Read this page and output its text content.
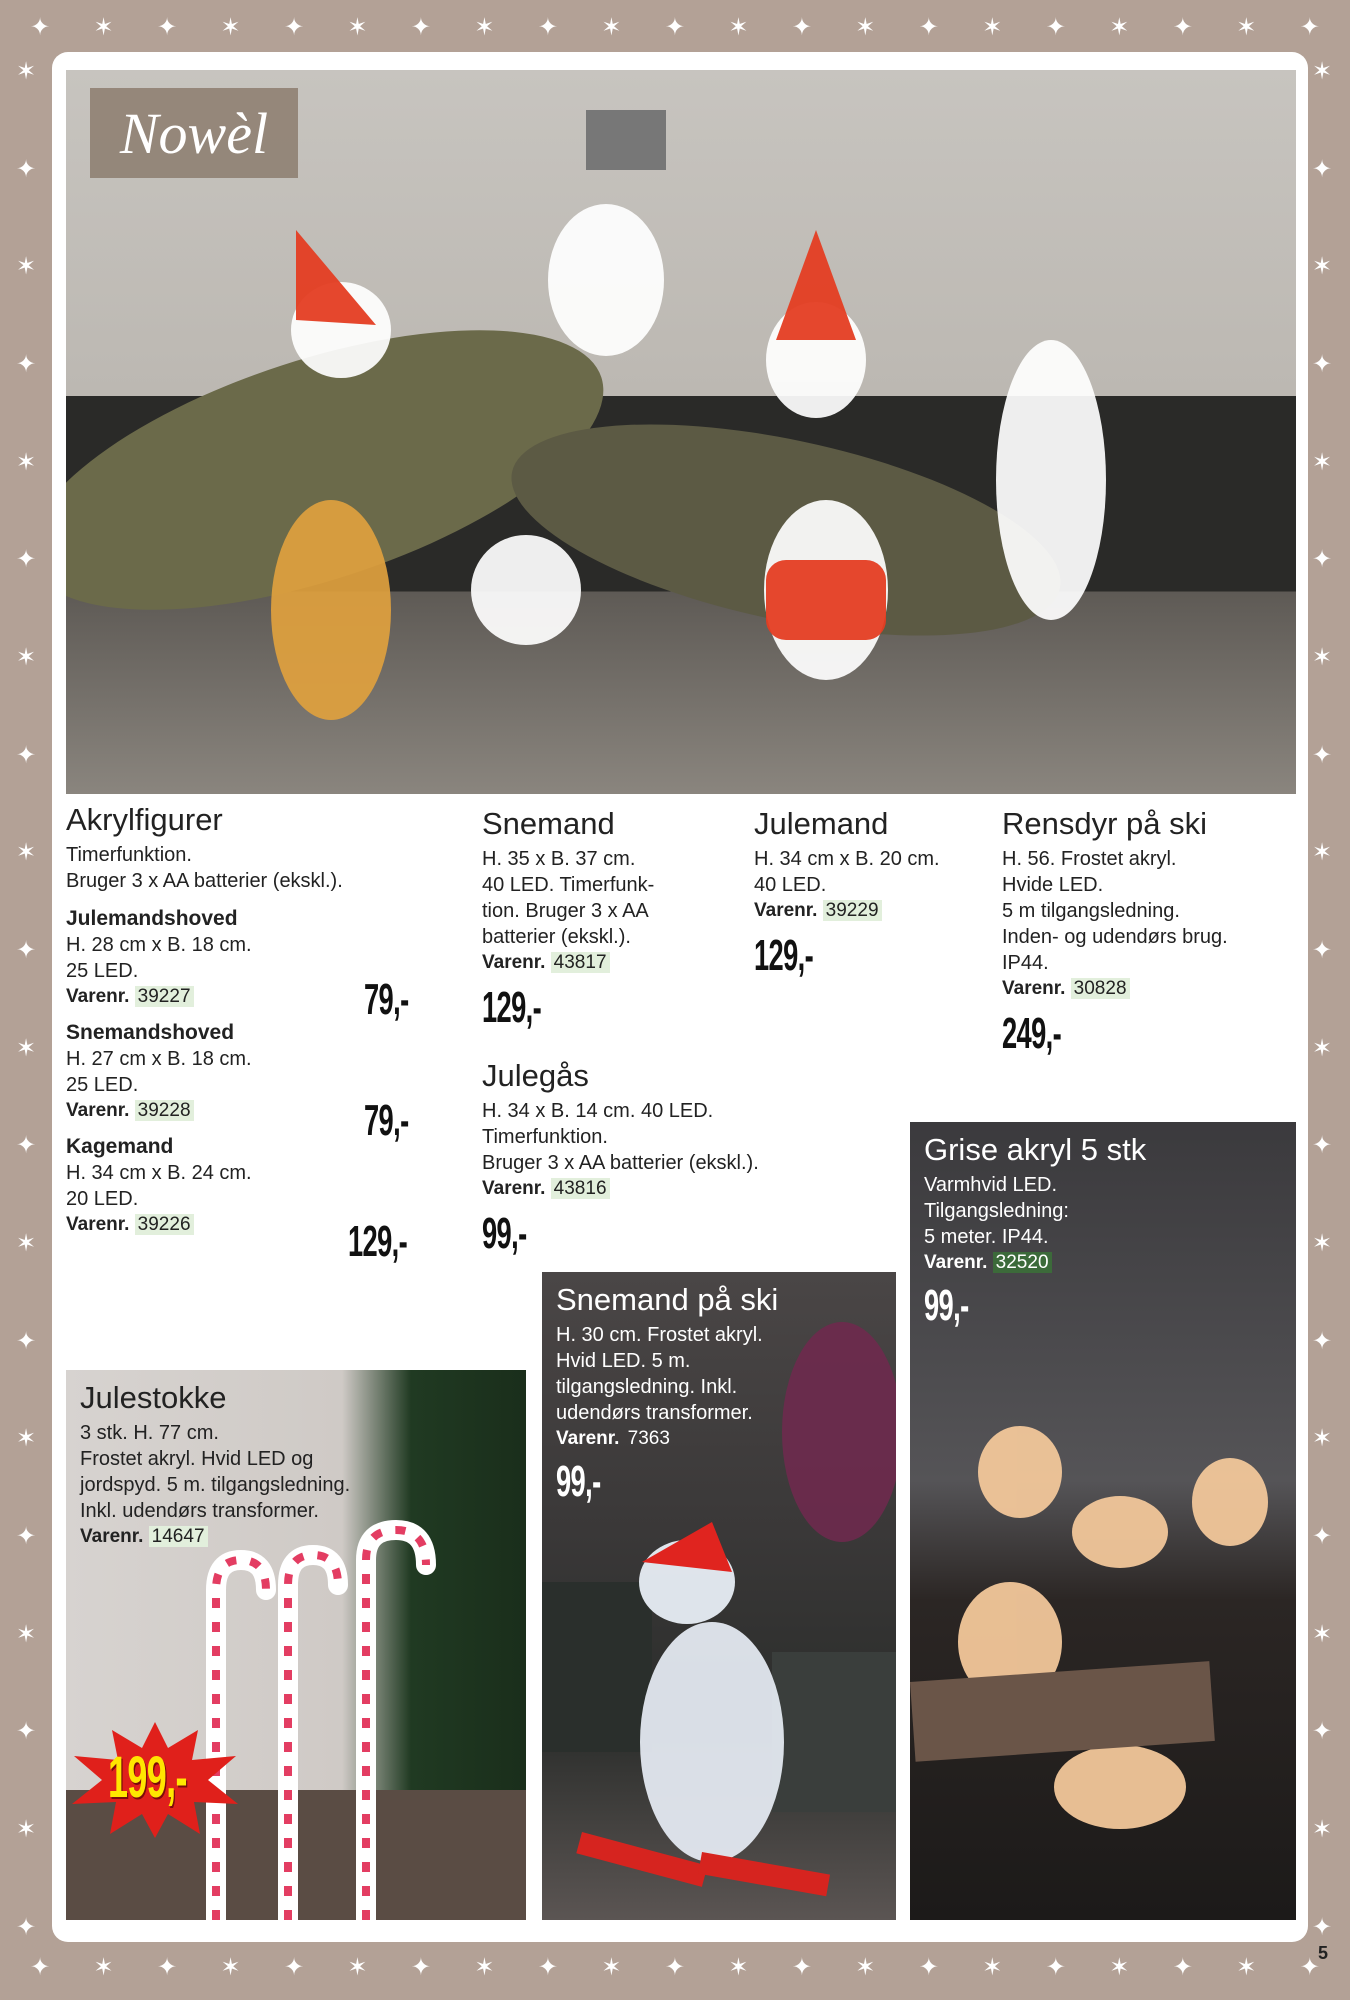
✦ ✶ ✦ ✶ ✦ ✶ ✦ ✶ ✦ ✶ ✦ ✶ ✦ ✶ ✦ ✶ ✦ ✶ ✦ ✶ ✦
✦ ✶ ✦ ✶ ✦ ✶ ✦ ✶ ✦ ✶ ✦ ✶ ✦ ✶ ✦ ✶ ✦ ✶ ✦ ✶ ✦
✶
✦
✶
✦
✶
✦
✶
✦
✶
✦
✶
✦
✶
✦
✶
✦
✶
✦
✶
✦
✶
✦
✶
✦
✶
✦
✶
✦
✶
✦
✶
✦
✶
✦
✶
✦
✶
✦
✶
✦
Nowèl
Akrylfigurer
Timerfunktion.
Bruger 3 x AA batterier (ekskl.).
Julemandshoved
H. 28 cm x B. 18 cm.
25 LED.
Varenr. 39227
Snemandshoved
H. 27 cm x B. 18 cm.
25 LED.
Varenr. 39228
Kagemand
H. 34 cm x B. 24 cm.
20 LED.
Varenr. 39226
79,-
79,-
129,-
Snemand
H. 35 x B. 37 cm.
40 LED. Timerfunk-
tion. Bruger 3 x AA
batterier (ekskl.).
Varenr. 43817
129,-
Julemand
H. 34 cm x B. 20 cm.
40 LED.
Varenr. 39229
129,-
Rensdyr på ski
H. 56. Frostet akryl.
Hvide LED.
5 m tilgangsledning.
Inden- og udendørs brug.
IP44.
Varenr. 30828
249,-
Julegås
H. 34 x B. 14 cm. 40 LED.
Timerfunktion.
Bruger 3 x AA batterier (ekskl.).
Varenr. 43816
99,-
Grise akryl 5 stk
Varmhvid LED.
Tilgangsledning:
5 meter. IP44.
Varenr. 32520
99,-
Snemand på ski
H. 30 cm. Frostet akryl.
Hvid LED. 5 m.
tilgangsledning. Inkl.
udendørs transformer.
Varenr. 7363
99,-
Julestokke
3 stk. H. 77 cm.
Frostet akryl. Hvid LED og
jordspyd. 5 m. tilgangsledning.
Inkl. udendørs transformer.
Varenr. 14647
199,-
5
